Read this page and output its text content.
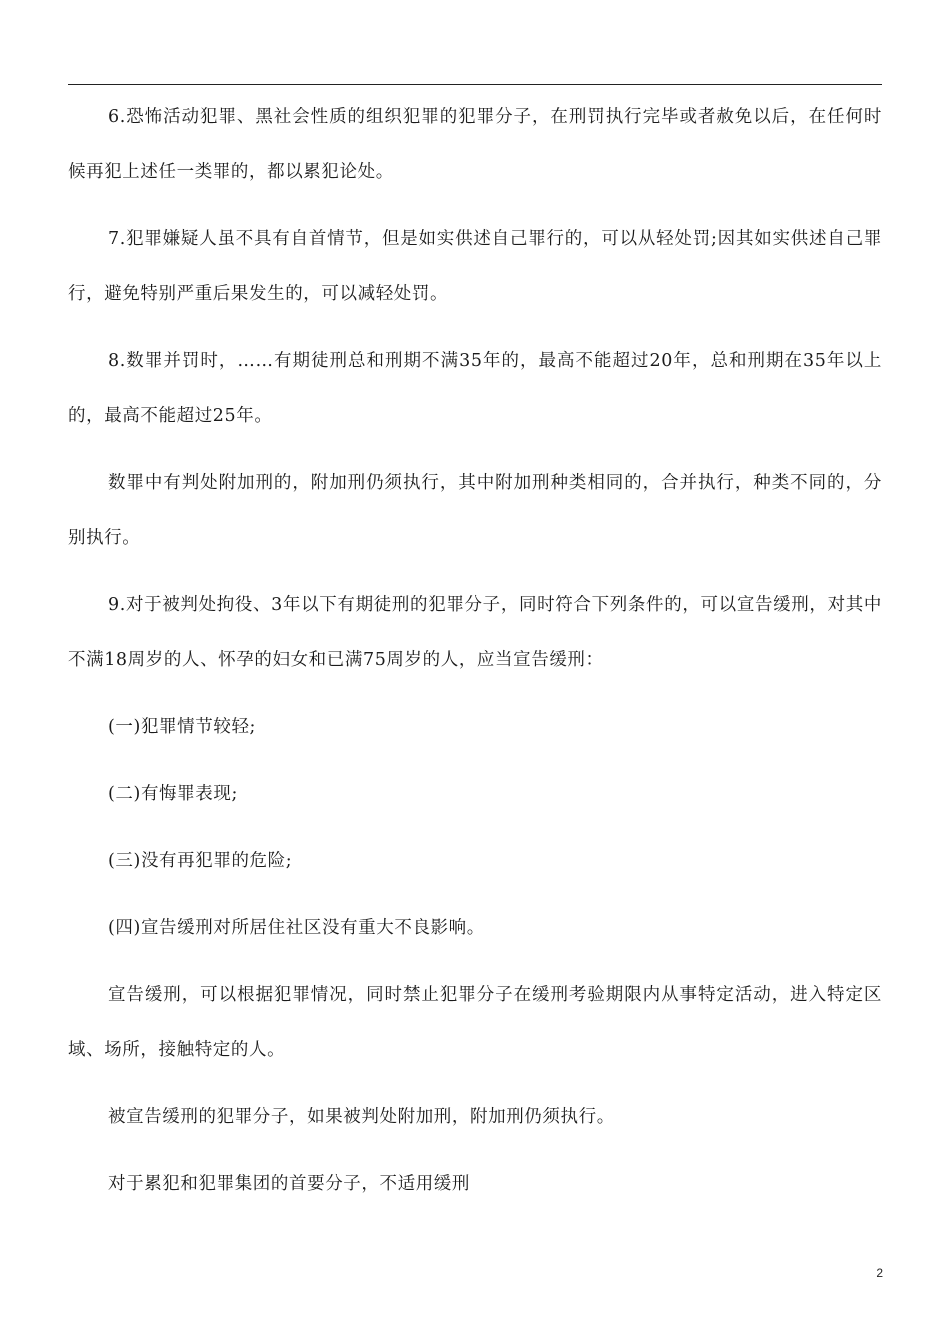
6.恐怖活动犯罪、黑社会性质的组织犯罪的犯罪分子，在刑罚执行完毕或者赦免以后，在任何时候再犯上述任一类罪的，都以累犯论处。

7.犯罪嫌疑人虽不具有自首情节，但是如实供述自己罪行的，可以从轻处罚;因其如实供述自己罪行，避免特别严重后果发生的，可以减轻处罚。

8.数罪并罚时，……有期徒刑总和刑期不满35年的，最高不能超过20年，总和刑期在35年以上的，最高不能超过25年。

数罪中有判处附加刑的，附加刑仍须执行，其中附加刑种类相同的，合并执行，种类不同的，分别执行。

9.对于被判处拘役、3年以下有期徒刑的犯罪分子，同时符合下列条件的，可以宣告缓刑，对其中不满18周岁的人、怀孕的妇女和已满75周岁的人，应当宣告缓刑：

(一)犯罪情节较轻;

(二)有悔罪表现;

(三)没有再犯罪的危险;

(四)宣告缓刑对所居住社区没有重大不良影响。

宣告缓刑，可以根据犯罪情况，同时禁止犯罪分子在缓刑考验期限内从事特定活动，进入特定区域、场所，接触特定的人。

被宣告缓刑的犯罪分子，如果被判处附加刑，附加刑仍须执行。

对于累犯和犯罪集团的首要分子，不适用缓刑

2
